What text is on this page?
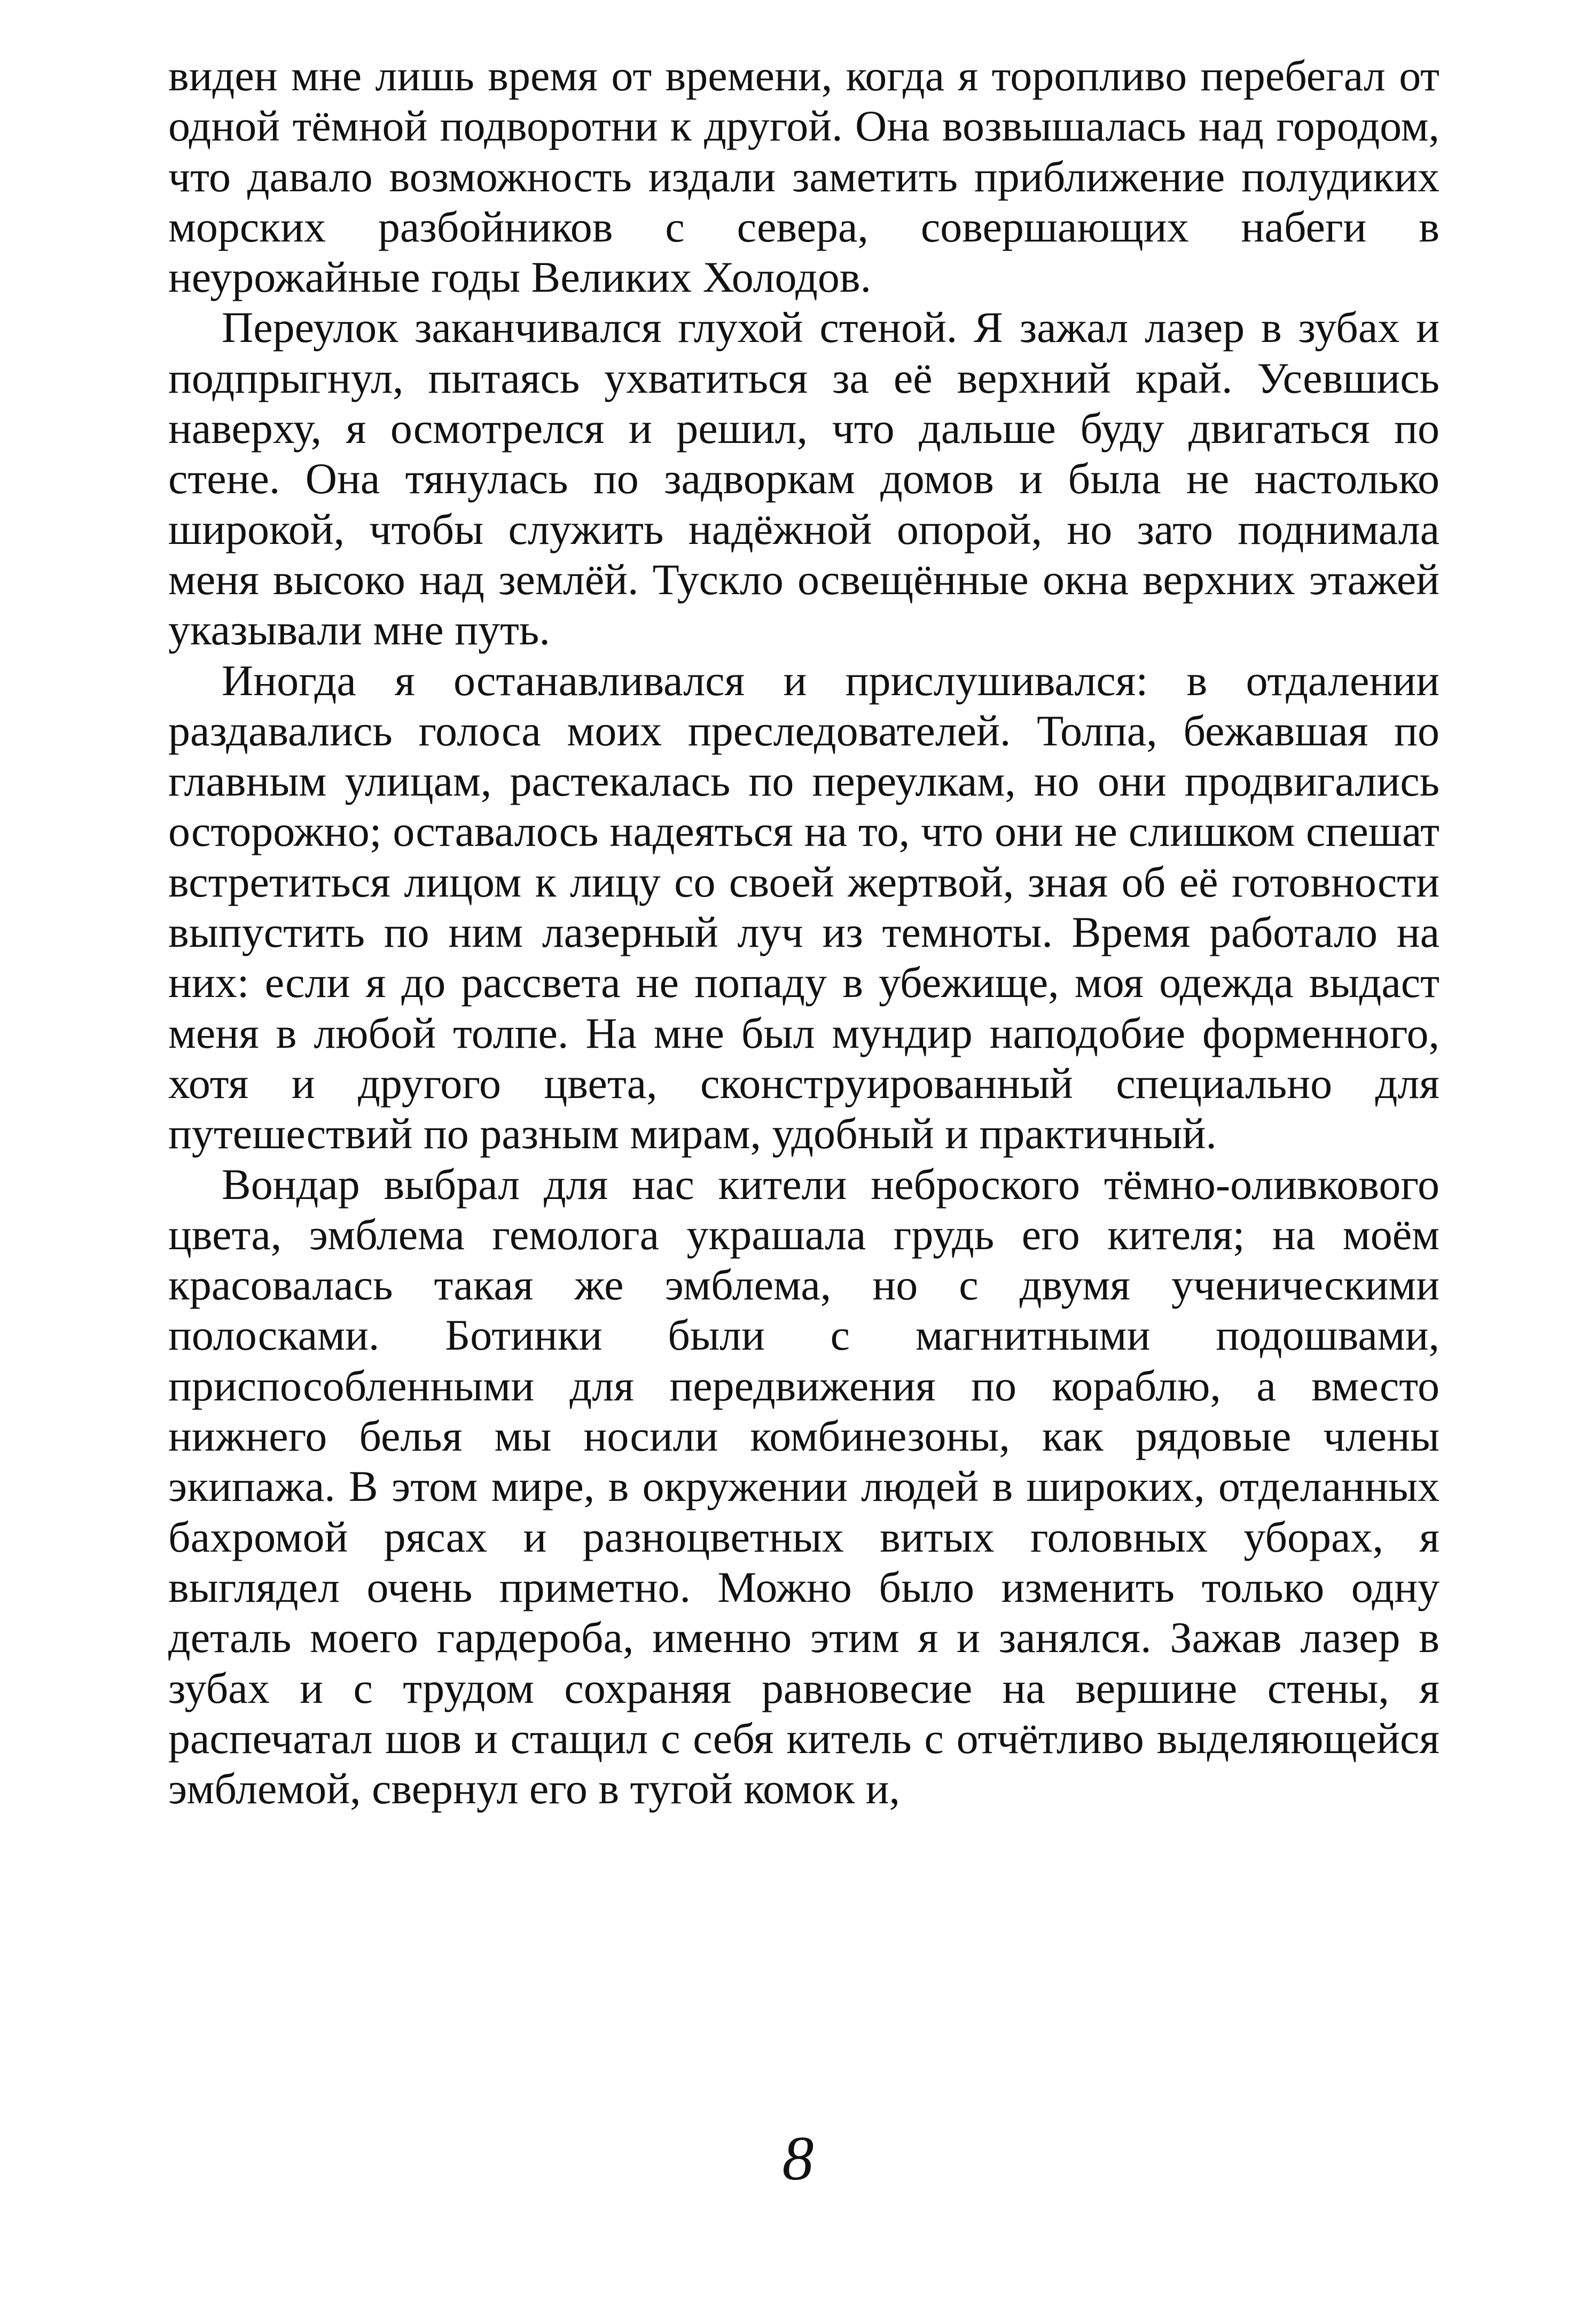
виден мне лишь время от времени, когда я торопливо перебегал от одной тёмной подворотни к другой. Она возвышалась над городом, что давало возможность издали заметить приближение полудиких морских разбойников с севера, совершающих набеги в неурожайные годы Великих Холодов.

Переулок заканчивался глухой стеной. Я зажал лазер в зубах и подпрыгнул, пытаясь ухватиться за её верхний край. Усевшись наверху, я осмотрелся и решил, что дальше буду двигаться по стене. Она тянулась по задворкам домов и была не настолько широкой, чтобы служить надёжной опорой, но зато поднимала меня высоко над землёй. Тускло освещённые окна верхних этажей указывали мне путь.

Иногда я останавливался и прислушивался: в отдалении раздавались голоса моих преследователей. Толпа, бежавшая по главным улицам, растекалась по переулкам, но они продвигались осторожно; оставалось надеяться на то, что они не слишком спешат встретиться лицом к лицу со своей жертвой, зная об её готовности выпустить по ним лазерный луч из темноты. Время работало на них: если я до рассвета не попаду в убежище, моя одежда выдаст меня в любой толпе. На мне был мундир наподобие форменного, хотя и другого цвета, сконструированный специально для путешествий по разным мирам, удобный и практичный.

Вондар выбрал для нас кители неброского тёмно-оливкового цвета, эмблема гемолога украшала грудь его кителя; на моём красовалась такая же эмблема, но с двумя ученическими полосками. Ботинки были с магнитными подошвами, приспособленными для передвижения по кораблю, а вместо нижнего белья мы носили комбинезоны, как рядовые члены экипажа. В этом мире, в окружении людей в широких, отделанных бахромой рясах и разноцветных витых головных уборах, я выглядел очень приметно. Можно было изменить только одну деталь моего гардероба, именно этим я и занялся. Зажав лазер в зубах и с трудом сохраняя равновесие на вершине стены, я распечатал шов и стащил с себя китель с отчётливо выделяющейся эмблемой, свернул его в тугой комок и,

8
